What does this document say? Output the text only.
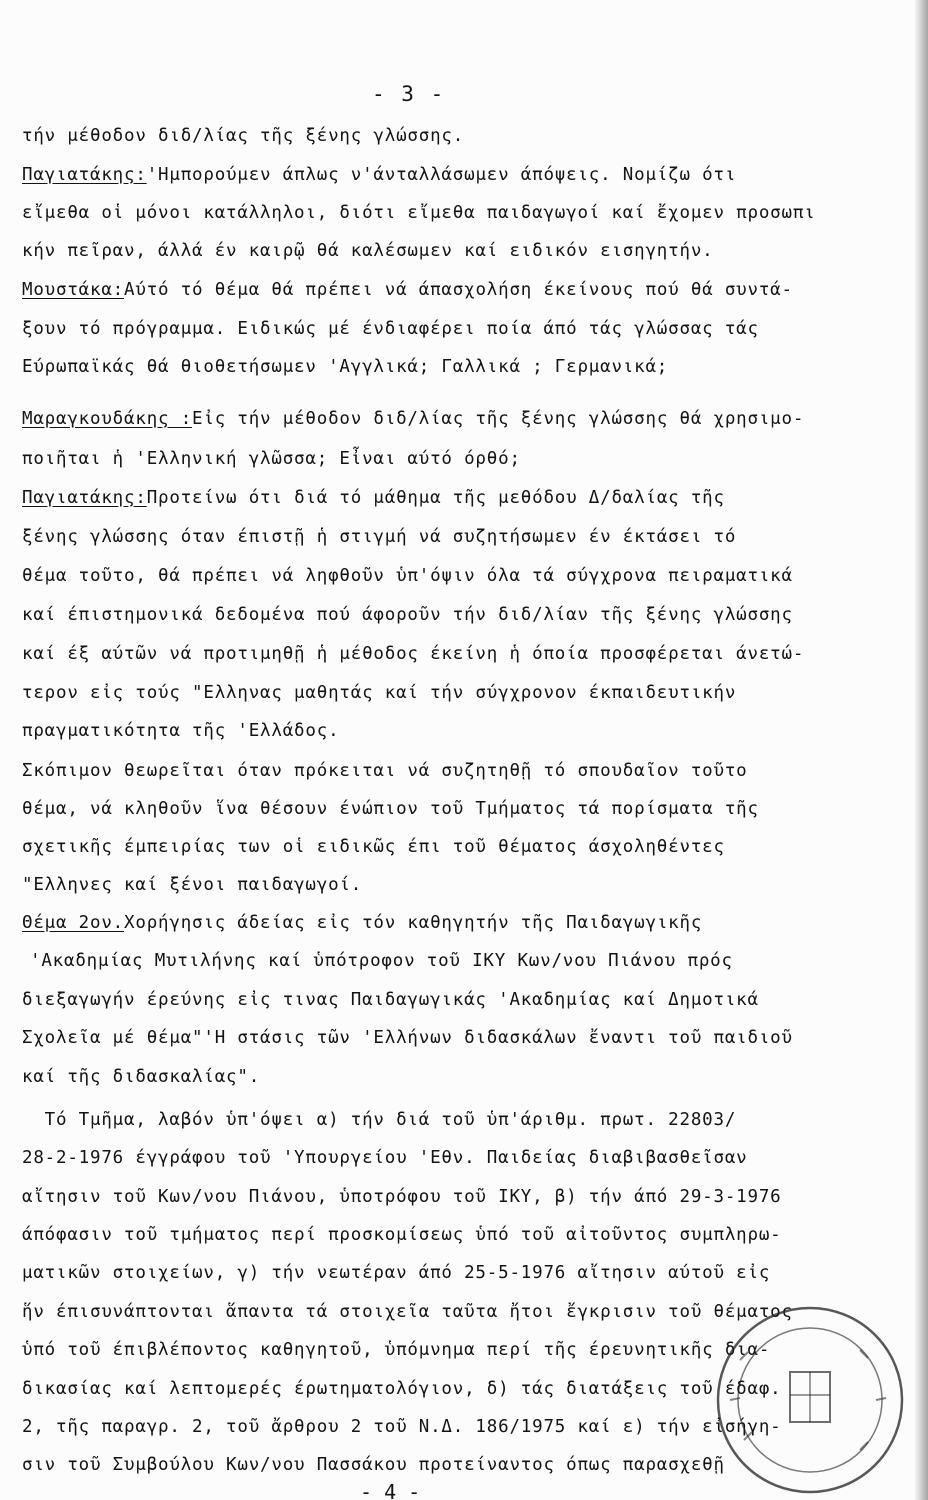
- 3 -
τήν μέθοδον διδ/λίας τῆς ξένης γλώσσης.
Παγιατάκης:'Ημπορούμεν άπλως ν'άνταλλάσωμεν άπόψεις. Νομίζω ότι
εἴμεθα οἱ μόνοι κατάλληλοι, διότι εἴμεθα παιδαγωγοί καί ἔχομεν προσωπι
κήν πεῖραν, άλλά έν καιρῷ θά καλέσωμεν καί ειδικόν εισηγητήν.
Μουστάκα:Αύτό τό θέμα θά πρέπει νά άπασχολήση έκείνους πού θά συντά-
ξουν τό πρόγραμμα. Ειδικώς μέ ένδιαφέρει ποία άπό τάς γλώσσας τάς
Εύρωπαϊκάς θά θιοθετήσωμεν 'Αγγλικά; Γαλλικά ; Γερμανικά;
Μαραγκουδάκης :Εἰς τήν μέθοδον διδ/λίας τῆς ξένης γλώσσης θά χρησιμο-
ποιῆται ἡ 'Ελληνική γλῶσσα; Εἶναι αύτό όρθό;
Παγιατάκης:Προτείνω ότι διά τό μάθημα τῆς μεθόδου Δ/δαλίας τῆς
ξένης γλώσσης όταν έπιστῇ ἡ στιγμή νά συζητήσωμεν έν έκτάσει τό
θέμα τοῦτο, θά πρέπει νά ληφθοῦν ὑπ'όψιν όλα τά σύγχρονα πειραματικά
καί έπιστημονικά δεδομένα πού άφοροῦν τήν διδ/λίαν τῆς ξένης γλώσσης
καί έξ αύτῶν νά προτιμηθῇ ἡ μέθοδος έκείνη ἡ όποία προσφέρεται άνετώ-
τερον εἰς τούς "Ελληνας μαθητάς καί τήν σύγχρονον έκπαιδευτικήν
πραγματικότητα τῆς 'Ελλάδος.
Σκόπιμον θεωρεῖται όταν πρόκειται νά συζητηθῇ τό σπουδαῖον τοῦτο
θέμα, νά κληθοῦν ἵνα θέσουν ένώπιον τοῦ Τμήματος τά πορίσματα τῆς
σχετικῆς έμπειρίας των οἱ ειδικῶς έπι τοῦ θέματος άσχοληθέντες
"Ελληνες καί ξένοι παιδαγωγοί.
Θέμα 2ον.Χορήγησις άδείας εἰς τόν καθηγητήν τῆς Παιδαγωγικῆς
'Ακαδημίας Μυτιλήνης καί ὑπότροφον τοῦ ΙΚΥ Κων/νου Πιάνου πρός
διεξαγωγήν έρεύνης εἰς τινας Παιδαγωγικάς 'Ακαδημίας καί Δημοτικά
Σχολεῖα μέ θέμα"'Η στάσις τῶν 'Ελλήνων διδασκάλων ἔναντι τοῦ παιδιοῦ
καί τῆς διδασκαλίας".
Τό Τμῆμα, λαβόν ὑπ'όψει α) τήν διά τοῦ ὑπ'άριθμ. πρωτ. 22803/
28-2-1976 έγγράφου τοῦ 'Υπουργείου 'Εθν. Παιδείας διαβιβασθεῖσαν
αἴτησιν τοῦ Κων/νου Πιάνου, ὑποτρόφου τοῦ ΙΚΥ, β) τήν άπό 29-3-1976
άπόφασιν τοῦ τμήματος περί προσκομίσεως ὑπό τοῦ αἰτοῦντος συμπληρω-
ματικῶν στοιχείων, γ) τήν νεωτέραν άπό 25-5-1976 αἴτησιν αύτοῦ εἰς
ἥν έπισυνάπτονται ἅπαντα τά στοιχεῖα ταῦτα ἤτοι ἔγκρισιν τοῦ θέματος
ὑπό τοῦ έπιβλέποντος καθηγητοῦ, ὑπόμνημα περί τῆς έρευνητικῆς δια-
δικασίας καί λεπτομερές έρωτηματολόγιον, δ) τάς διατάξεις τοῦ έδαφ.
2, τῆς παραγρ. 2, τοῦ ἄρθρου 2 τοῦ Ν.Δ. 186/1975 καί ε) τήν εἰσήγη-
σιν τοῦ Συμβούλου Κων/νου Πασσάκου προτείναντος όπως παρασχεθῇ
- 4 -
